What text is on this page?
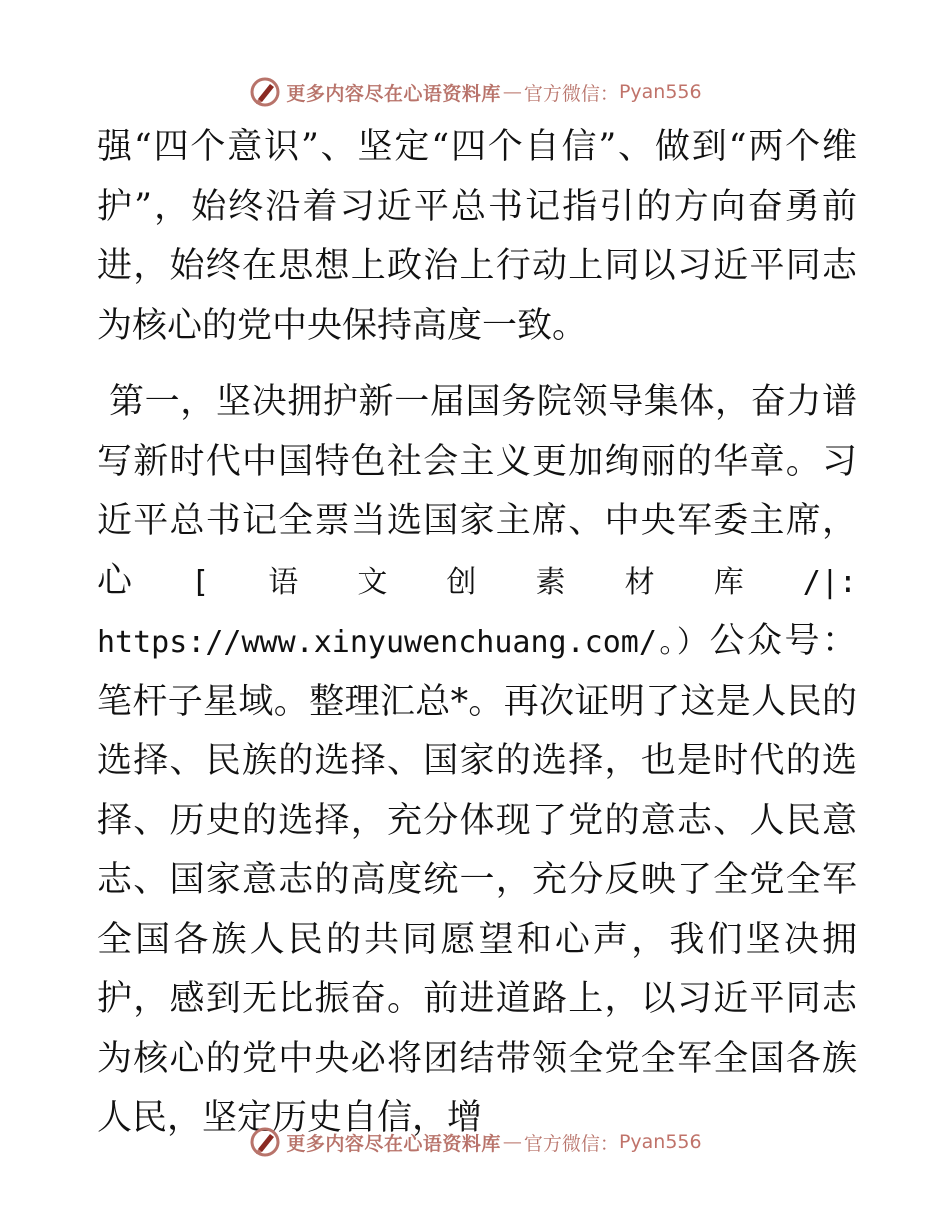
更多内容尽在心语资料库 — 官方微信： Pyan556

强“四个意识”、坚定“四个自信”、做到“两个维护”，始终沿着习近平总书记指引的方向奋勇前进，始终在思想上政治上行动上同以习近平同志为核心的党中央保持高度一致。

第一，坚决拥护新一届国务院领导集体，奋力谱写新时代中国特色社会主义更加绚丽的华章。习近平总书记全票当选国家主席、中央军委主席，心[语文创素材库/|: https://www.xinyuwenchuang.com/。）公众号：笔杆子星域。整理汇总*。再次证明了这是人民的选择、民族的选择、国家的选择，也是时代的选择、历史的选择，充分体现了党的意志、人民意志、国家意志的高度统一，充分反映了全党全军全国各族人民的共同愿望和心声，我们坚决拥护，感到无比振奋。前进道路上，以习近平同志为核心的党中央必将团结带领全党全军全国各族人民，坚定历史自信，增

更多内容尽在心语资料库 — 官方微信： Pyan556
